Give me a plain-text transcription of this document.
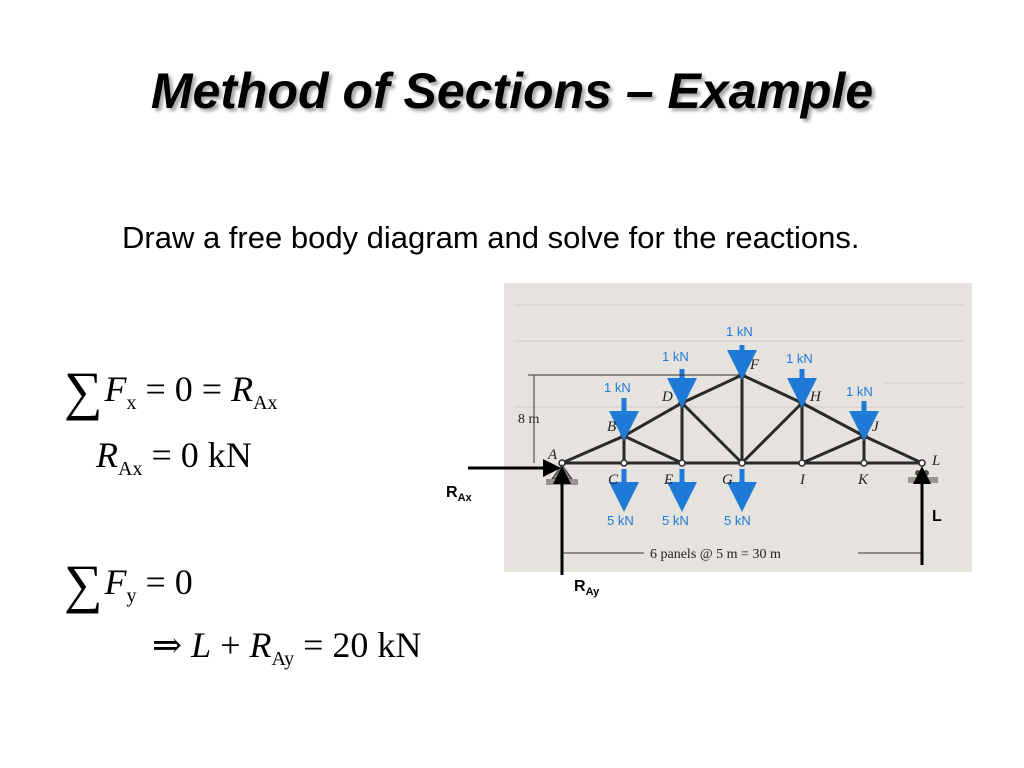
Method of Sections – Example
Draw a free body diagram and solve for the reactions.
$\sum F_x = 0 = R_{Ax}$
$R_{Ax} = 0$ kN
$\sum F_y = 0$
⇒ $L + R_{Ay} = 20$ kN
1 kN
1 kN	1 kN
1 kN	1 kN
5 kN 5 kN	5 kN
A
B
C
D
E
F
G
H
I
J
K
L
8 m
6 panels @ 5 m = 30 m
$R_{Ax}$
$R_{Ay}$
L
